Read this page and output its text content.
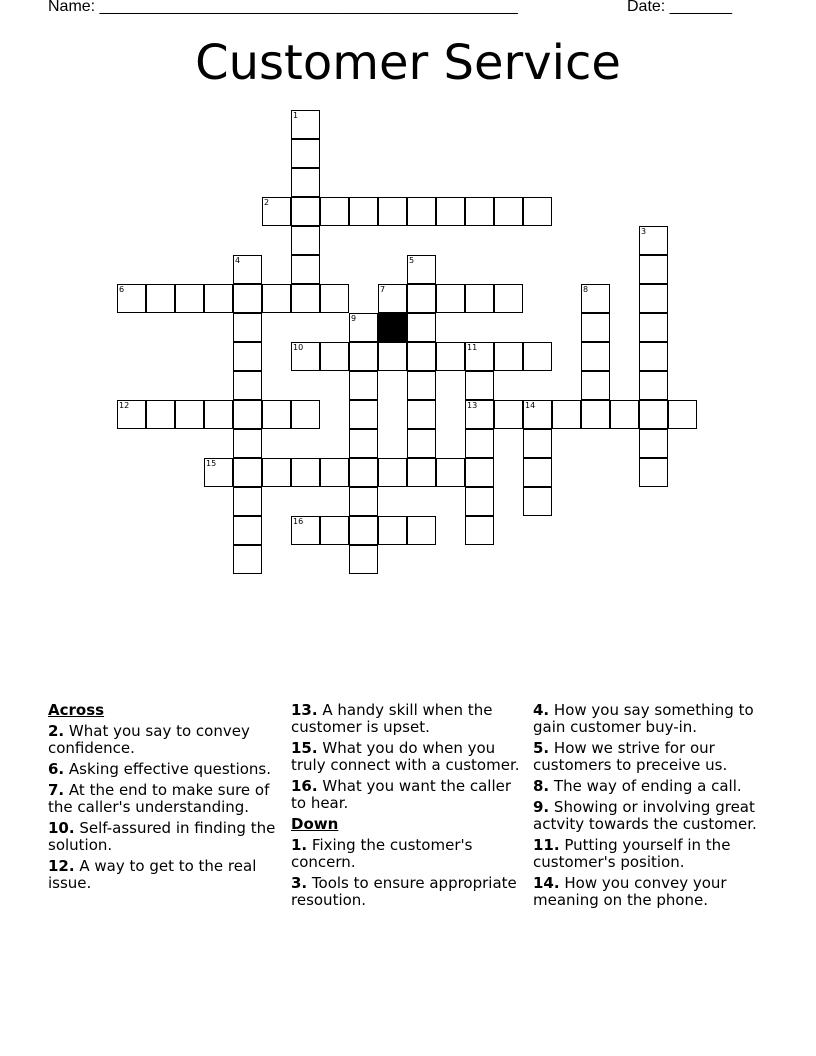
Name: _______________________________________________	Date: _______
Customer Service
2
6	7
10	11
12	13	14
15
16
1
3
4	5
8
9
Across
2. What you say to convey confidence.
6. Asking effective questions.
7. At the end to make sure of the caller's understanding.
10. Self-assured in finding the solution.
12. A way to get to the real issue.
13. A handy skill when the customer is upset.
15. What you do when you truly connect with a customer.
16. What you want the caller to hear.
Down
1. Fixing the customer's concern.
3. Tools to ensure appropriate resoution.
4. How you say something to gain customer buy-in.
5. How we strive for our customers to preceive us.
8. The way of ending a call.
9. Showing or involving great actvity towards the customer.
11. Putting yourself in the customer's position.
14. How you convey your meaning on the phone.
